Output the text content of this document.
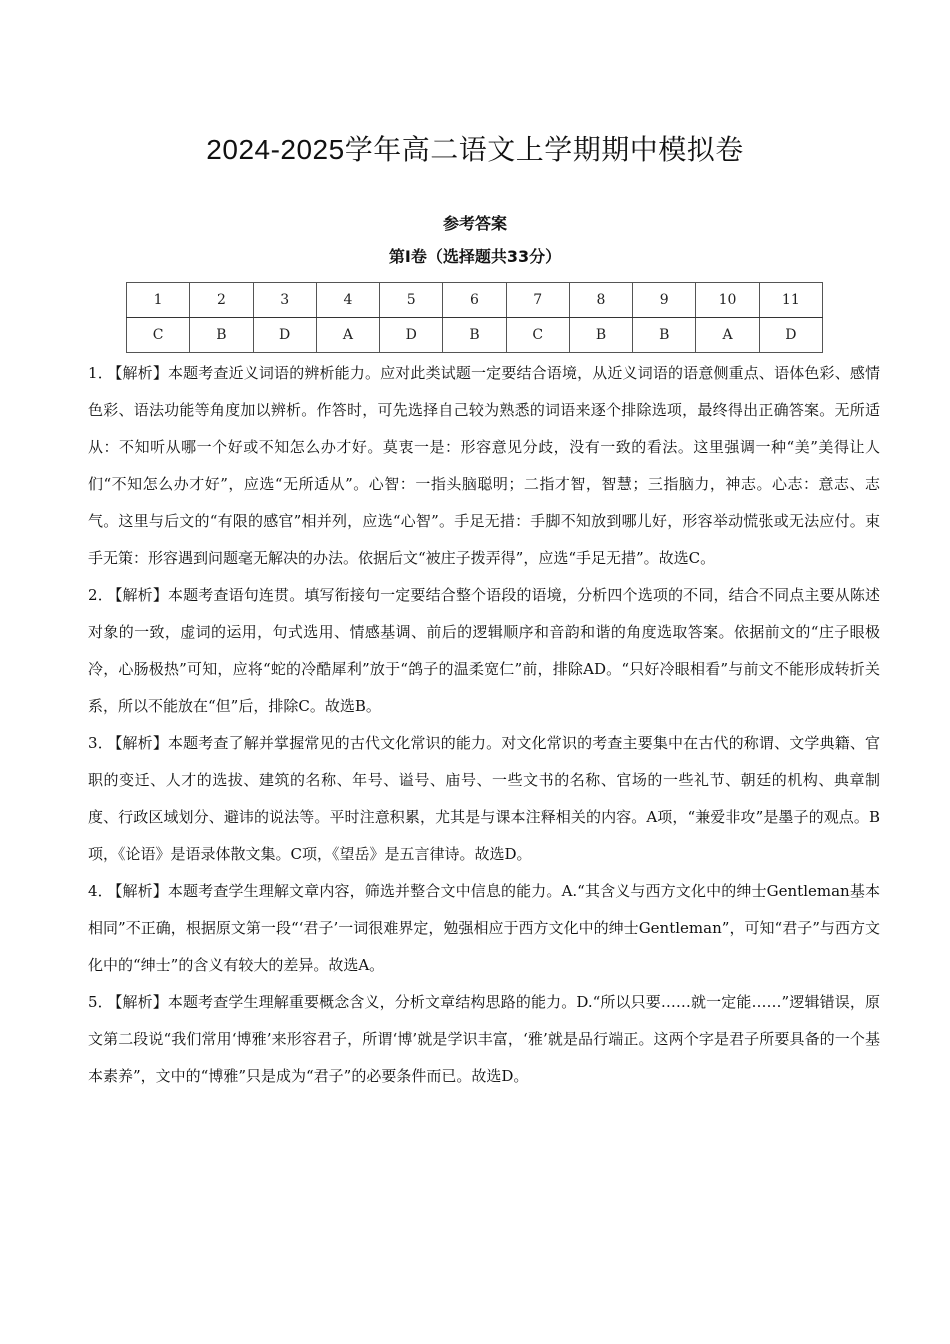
2024-2025学年高二语文上学期期中模拟卷
参考答案
第Ⅰ卷（选择题共33分）
1	2	3	4	5	6	7	8	9	10	11
C	B	D	A	D	B	C	B	B	A	D

1． 【解析】本题考查近义词语的辨析能力。应对此类试题一定要结合语境，从近义词语的语意侧重点、语体色彩、感情色彩、语法功能等角度加以辨析。作答时，可先选择自己较为熟悉的词语来逐个排除选项，最终得出正确答案。无所适从：不知听从哪一个好或不知怎么办才好。莫衷一是：形容意见分歧，没有一致的看法。这里强调一种“美”美得让人们“不知怎么办才好”，应选“无所适从”。心智：一指头脑聪明；二指才智，智慧；三指脑力，神志。心志：意志、志气。这里与后文的“有限的感官”相并列，应选“心智”。手足无措：手脚不知放到哪儿好，形容举动慌张或无法应付。束手无策：形容遇到问题毫无解决的办法。依据后文“被庄子拨弄得”，应选“手足无措”。故选C。

2． 【解析】本题考查语句连贯。填写衔接句一定要结合整个语段的语境，分析四个选项的不同，结合不同点主要从陈述对象的一致，虚词的运用，句式选用、情感基调、前后的逻辑顺序和音韵和谐的角度选取答案。依据前文的“庄子眼极冷，心肠极热”可知，应将“蛇的冷酷犀利”放于“鸽子的温柔宽仁”前，排除AD。“只好冷眼相看”与前文不能形成转折关系，所以不能放在“但”后，排除C。故选B。

3． 【解析】本题考查了解并掌握常见的古代文化常识的能力。对文化常识的考查主要集中在古代的称谓、文学典籍、官职的变迁、人才的选拔、建筑的名称、年号、谥号、庙号、一些文书的名称、官场的一些礼节、朝廷的机构、典章制度、行政区域划分、避讳的说法等。平时注意积累，尤其是与课本注释相关的内容。A项，“兼爱非攻”是墨子的观点。B项，《论语》是语录体散文集。C项，《望岳》是五言律诗。故选D。

4． 【解析】本题考查学生理解文章内容，筛选并整合文中信息的能力。A.“其含义与西方文化中的绅士Gentleman基本相同”不正确，根据原文第一段“‘君子’一词很难界定，勉强相应于西方文化中的绅士Gentleman”，可知“君子”与西方文化中的“绅士”的含义有较大的差异。故选A。

5． 【解析】本题考查学生理解重要概念含义，分析文章结构思路的能力。D.“所以只要……就一定能……”逻辑错误，原文第二段说“我们常用‘博雅’来形容君子，所谓‘博’就是学识丰富，‘雅’就是品行端正。这两个字是君子所要具备的一个基本素养”，文中的“博雅”只是成为“君子”的必要条件而已。故选D。
